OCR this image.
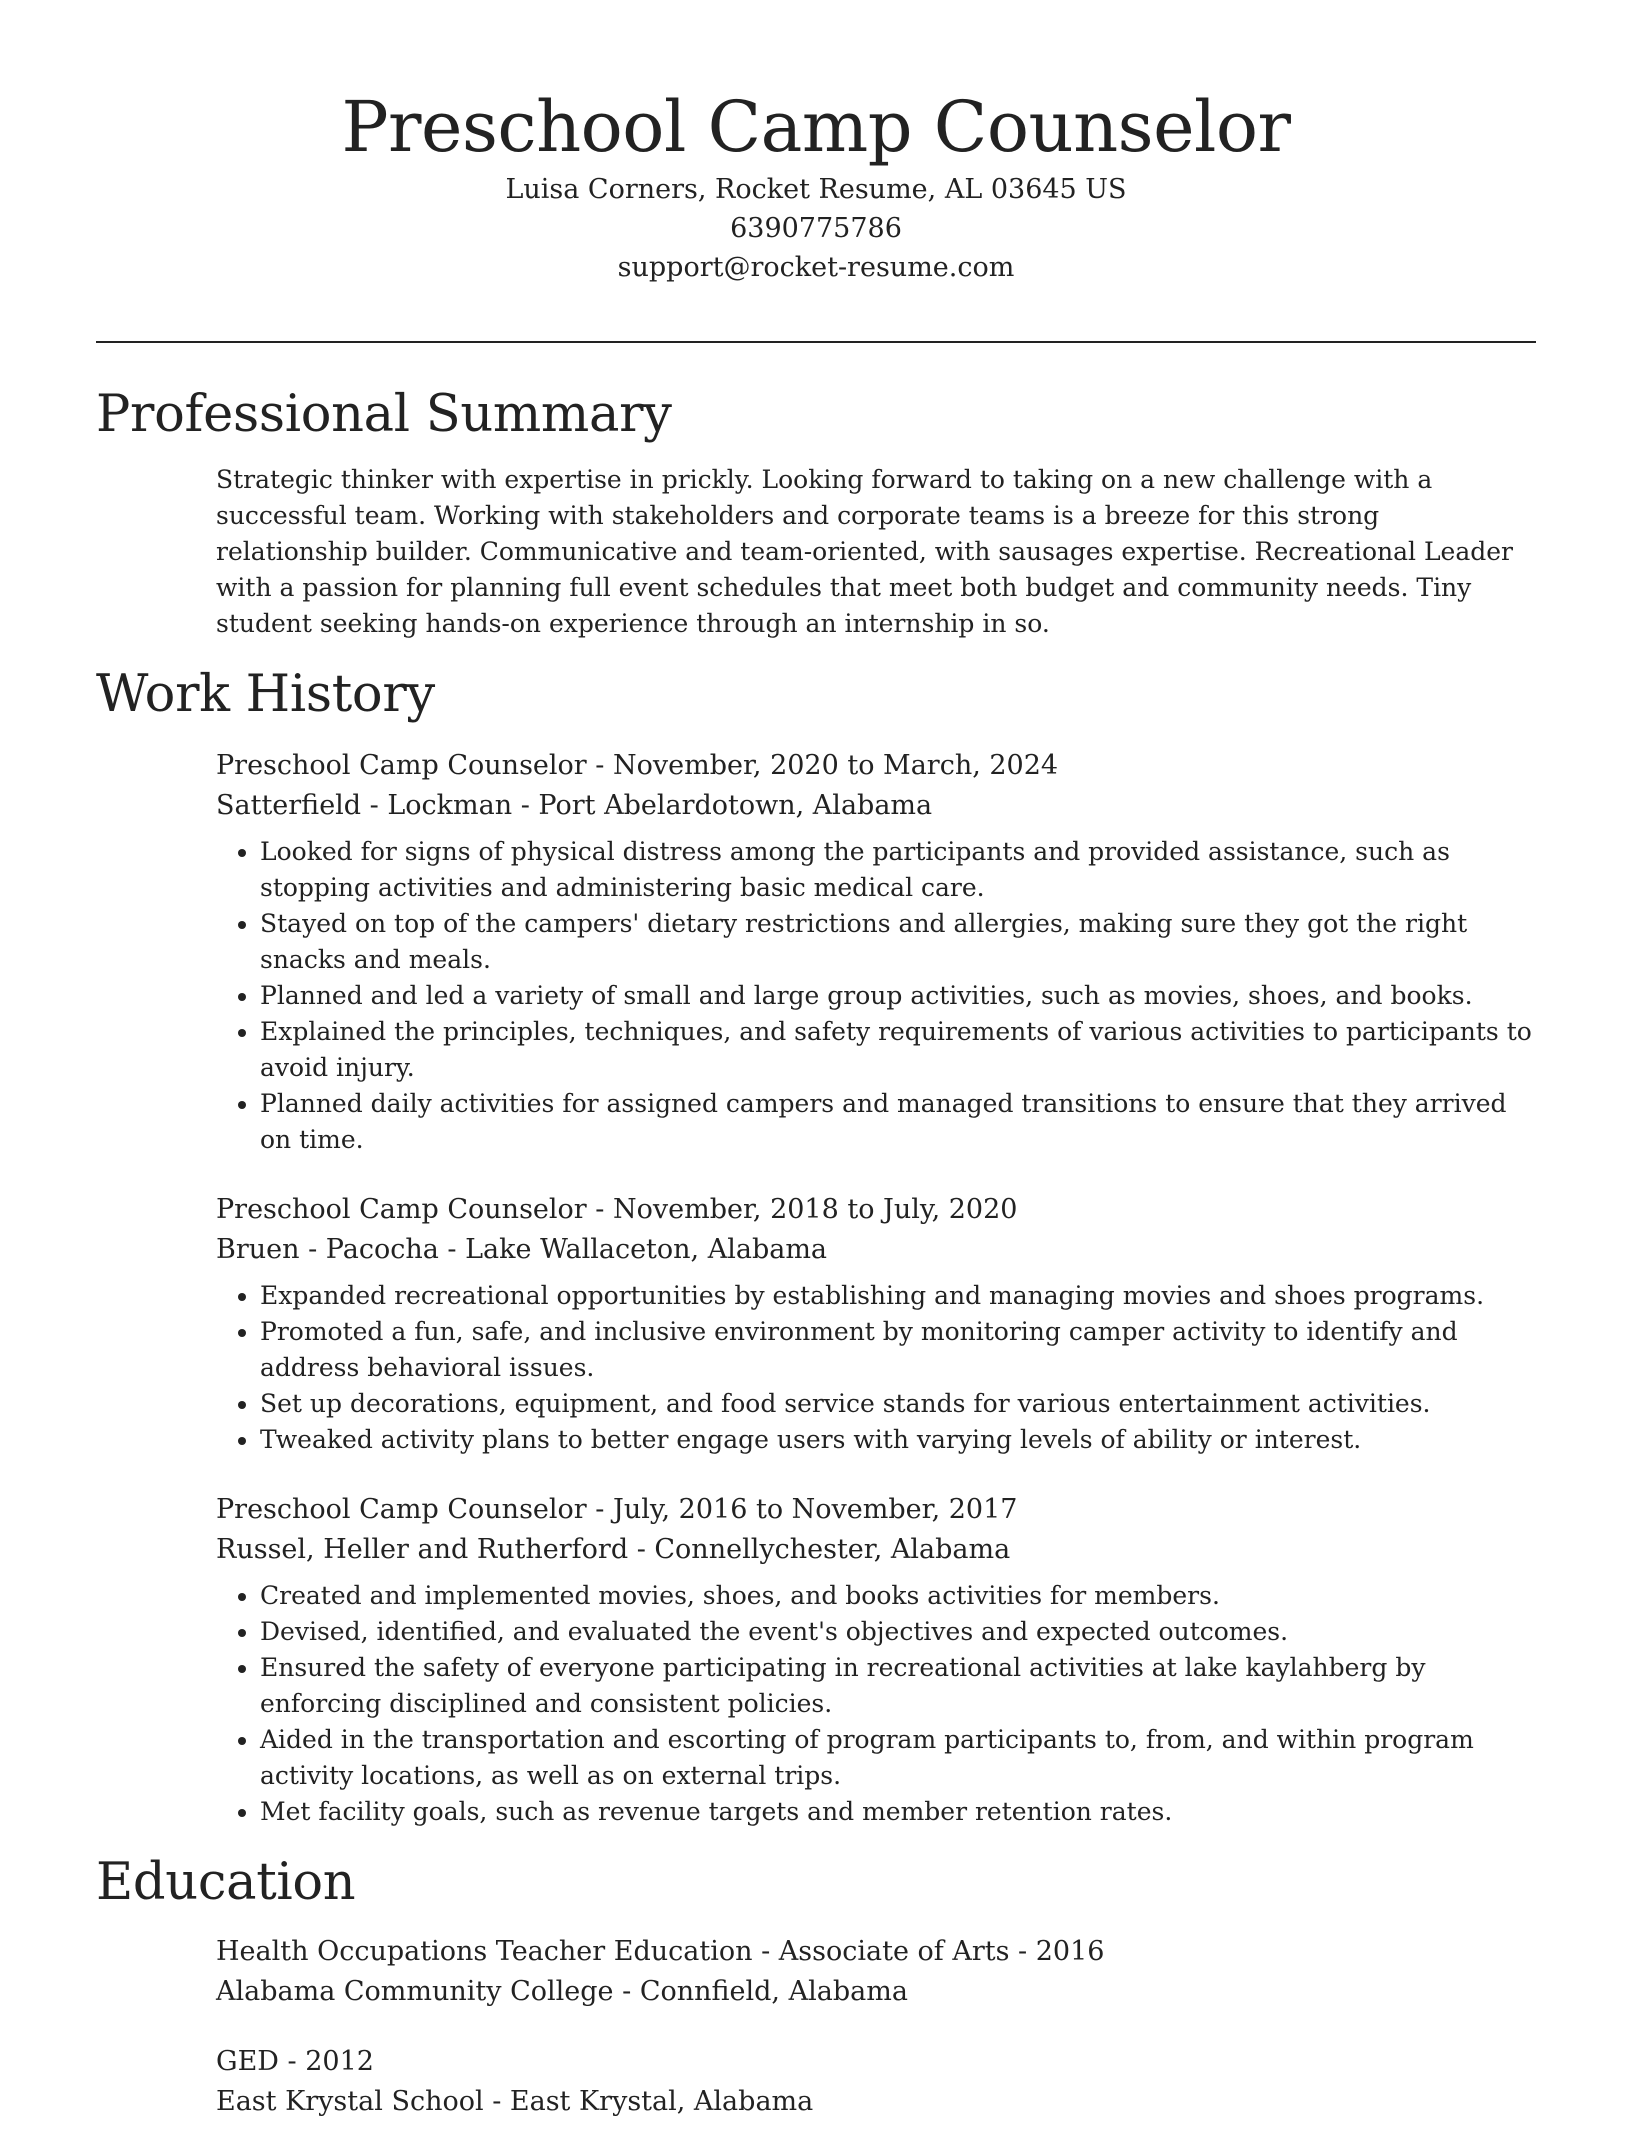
Preschool Camp Counselor
Luisa Corners, Rocket Resume, AL 03645 US
6390775786
support@rocket-resume.com
Professional Summary

Strategic thinker with expertise in prickly. Looking forward to taking on a new challenge with a successful team. Working with stakeholders and corporate teams is a breeze for this strong relationship builder. Communicative and team-oriented, with sausages expertise. Recreational Leader with a passion for planning full event schedules that meet both budget and community needs. Tiny student seeking hands-on experience through an internship in so.

Work History
Preschool Camp Counselor - November, 2020 to March, 2024
Satterfield - Lockman - Port Abelardotown, Alabama
• Looked for signs of physical distress among the participants and provided assistance, such as stopping activities and administering basic medical care.
• Stayed on top of the campers' dietary restrictions and allergies, making sure they got the right snacks and meals.
• Planned and led a variety of small and large group activities, such as movies, shoes, and books.
• Explained the principles, techniques, and safety requirements of various activities to participants to avoid injury.
• Planned daily activities for assigned campers and managed transitions to ensure that they arrived on time.
Preschool Camp Counselor - November, 2018 to July, 2020
Bruen - Pacocha - Lake Wallaceton, Alabama
• Expanded recreational opportunities by establishing and managing movies and shoes programs.
• Promoted a fun, safe, and inclusive environment by monitoring camper activity to identify and address behavioral issues.
• Set up decorations, equipment, and food service stands for various entertainment activities.
• Tweaked activity plans to better engage users with varying levels of ability or interest.
Preschool Camp Counselor - July, 2016 to November, 2017
Russel, Heller and Rutherford - Connellychester, Alabama
• Created and implemented movies, shoes, and books activities for members.
• Devised, identified, and evaluated the event's objectives and expected outcomes.
• Ensured the safety of everyone participating in recreational activities at lake kaylahberg by enforcing disciplined and consistent policies.
• Aided in the transportation and escorting of program participants to, from, and within program activity locations, as well as on external trips.
• Met facility goals, such as revenue targets and member retention rates.
Education
Health Occupations Teacher Education - Associate of Arts - 2016
Alabama Community College - Connfield, Alabama
GED - 2012
East Krystal School - East Krystal, Alabama
